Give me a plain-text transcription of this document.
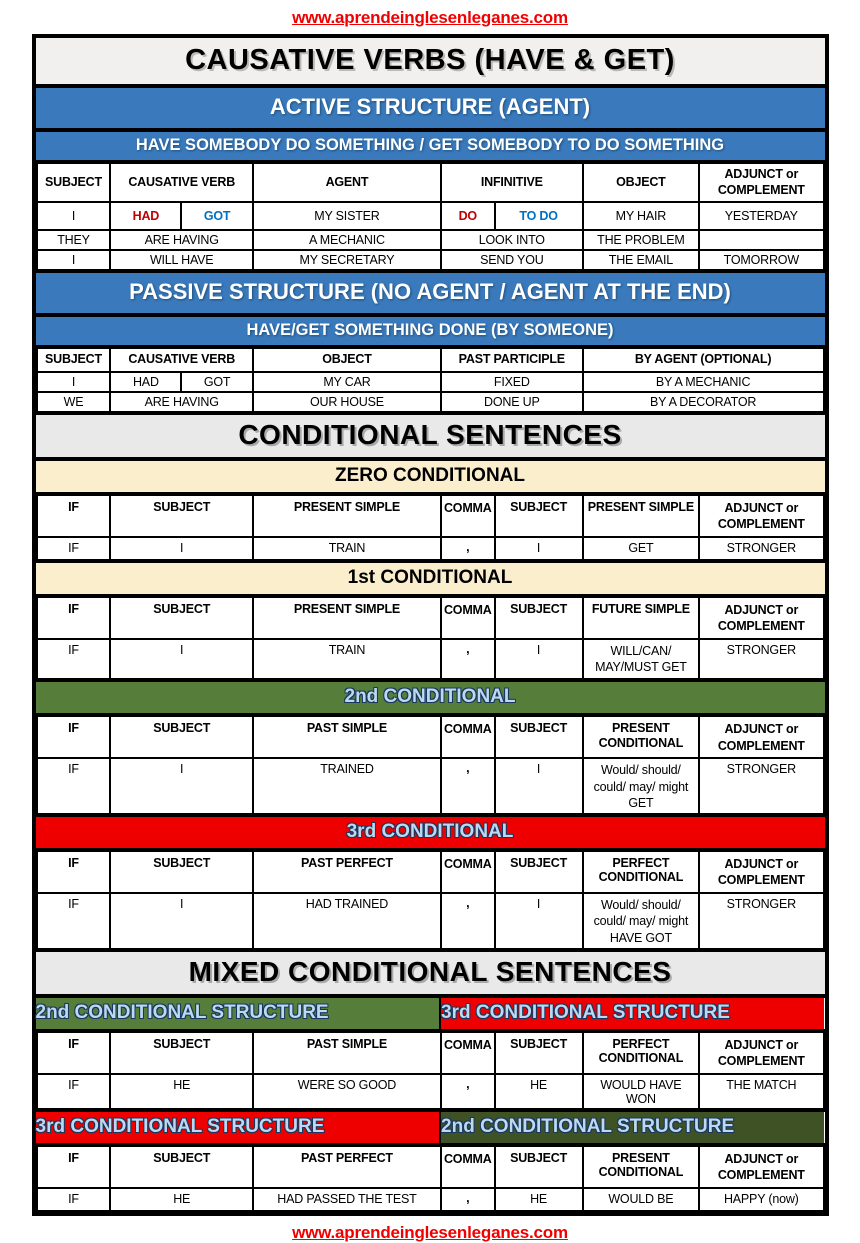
www.aprendeinglesenleganes.com
CAUSATIVE VERBS (HAVE & GET)
ACTIVE STRUCTURE (AGENT)
HAVE SOMEBODY DO SOMETHING / GET SOMEBODY TO DO SOMETHING
SUBJECT	CAUSATIVE VERB		AGENT	INFINITIVE		OBJECT	ADJUNCT or COMPLEMENT
I	HAD	GOT	MY SISTER	DO	TO DO	MY HAIR	YESTERDAY
THEY	ARE HAVING		A MECHANIC	LOOK INTO		THE PROBLEM	
I	WILL HAVE		MY SECRETARY	SEND YOU		THE EMAIL	TOMORROW
PASSIVE STRUCTURE (NO AGENT / AGENT AT THE END)
HAVE/GET SOMETHING DONE (BY SOMEONE)
SUBJECT	CAUSATIVE VERB		OBJECT	PAST PARTICIPLE	BY AGENT (OPTIONAL)
I	HAD	GOT	MY CAR	FIXED	BY A MECHANIC
WE	ARE HAVING		OUR HOUSE	DONE UP	BY A DECORATOR
CONDITIONAL SENTENCES
ZERO CONDITIONAL
IF	SUBJECT	PRESENT SIMPLE	COMMA	SUBJECT	PRESENT SIMPLE	ADJUNCT or COMPLEMENT
IF	I	TRAIN	,	I	GET	STRONGER
1st CONDITIONAL
IF	SUBJECT	PRESENT SIMPLE	COMMA	SUBJECT	FUTURE SIMPLE	ADJUNCT or COMPLEMENT
IF	I	TRAIN	,	I	WILL/CAN/ MAY/MUST GET	STRONGER
2nd CONDITIONAL
IF	SUBJECT	PAST SIMPLE	COMMA	SUBJECT	PRESENT CONDITIONAL	ADJUNCT or COMPLEMENT
IF	I	TRAINED	,	I	Would/ should/ could/ may/ might GET	STRONGER
3rd CONDITIONAL
IF	SUBJECT	PAST PERFECT	COMMA	SUBJECT	PERFECT CONDITIONAL	ADJUNCT or COMPLEMENT
IF	I	HAD TRAINED	,	I	Would/ should/ could/ may/ might HAVE GOT	STRONGER
MIXED CONDITIONAL SENTENCES
2nd CONDITIONAL STRUCTURE	3rd CONDITIONAL STRUCTURE
IF	SUBJECT	PAST SIMPLE	COMMA	SUBJECT	PERFECT CONDITIONAL	ADJUNCT or COMPLEMENT
IF	HE	WERE SO GOOD	,	HE	WOULD HAVE WON	THE MATCH
3rd CONDITIONAL STRUCTURE	2nd CONDITIONAL STRUCTURE
IF	SUBJECT	PAST PERFECT	COMMA	SUBJECT	PRESENT CONDITIONAL	ADJUNCT or COMPLEMENT
IF	HE	HAD PASSED THE TEST	,	HE	WOULD BE	HAPPY (now)
www.aprendeinglesenleganes.com
